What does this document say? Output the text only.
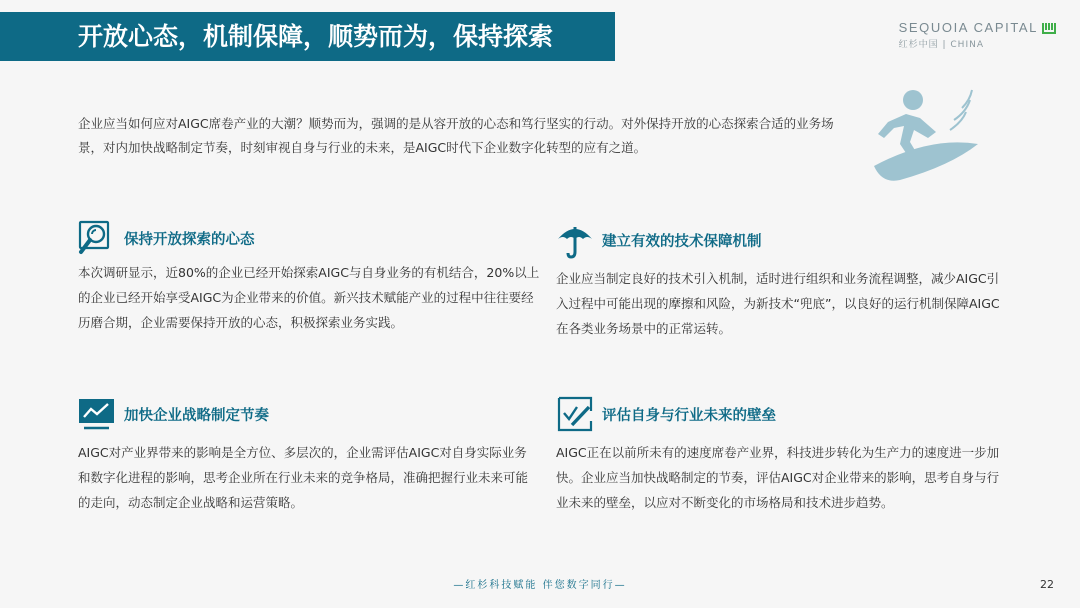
开放心态，机制保障，顺势而为，保持探索	SEQUOIA CAPITAL
红杉中国 | CHINA
企业应当如何应对AIGC席卷产业的大潮？顺势而为，强调的是从容开放的心态和笃行坚实的行动。对外保持开放的心态探索合适的业务场景，对内加快战略制定节奏，时刻审视自身与行业的未来，是AIGC时代下企业数字化转型的应有之道。
保持开放探索的心态
本次调研显示，近80%的企业已经开始探索AIGC与自身业务的有机结合，20%以上的企业已经开始享受AIGC为企业带来的价值。新兴技术赋能产业的过程中往往要经历磨合期，企业需要保持开放的心态，积极探索业务实践。
建立有效的技术保障机制
企业应当制定良好的技术引入机制，适时进行组织和业务流程调整，减少AIGC引入过程中可能出现的摩擦和风险，为新技术“兜底”，以良好的运行机制保障AIGC在各类业务场景中的正常运转。
加快企业战略制定节奏
AIGC对产业界带来的影响是全方位、多层次的，企业需评估AIGC对自身实际业务和数字化进程的影响，思考企业所在行业未来的竞争格局，准确把握行业未来可能的走向，动态制定企业战略和运营策略。
评估自身与行业未来的壁垒
AIGC正在以前所未有的速度席卷产业界，科技进步转化为生产力的速度进一步加快。企业应当加快战略制定的节奏，评估AIGC对企业带来的影响，思考自身与行业未来的壁垒，以应对不断变化的市场格局和技术进步趋势。
—红杉科技赋能 伴您数字同行—	22
